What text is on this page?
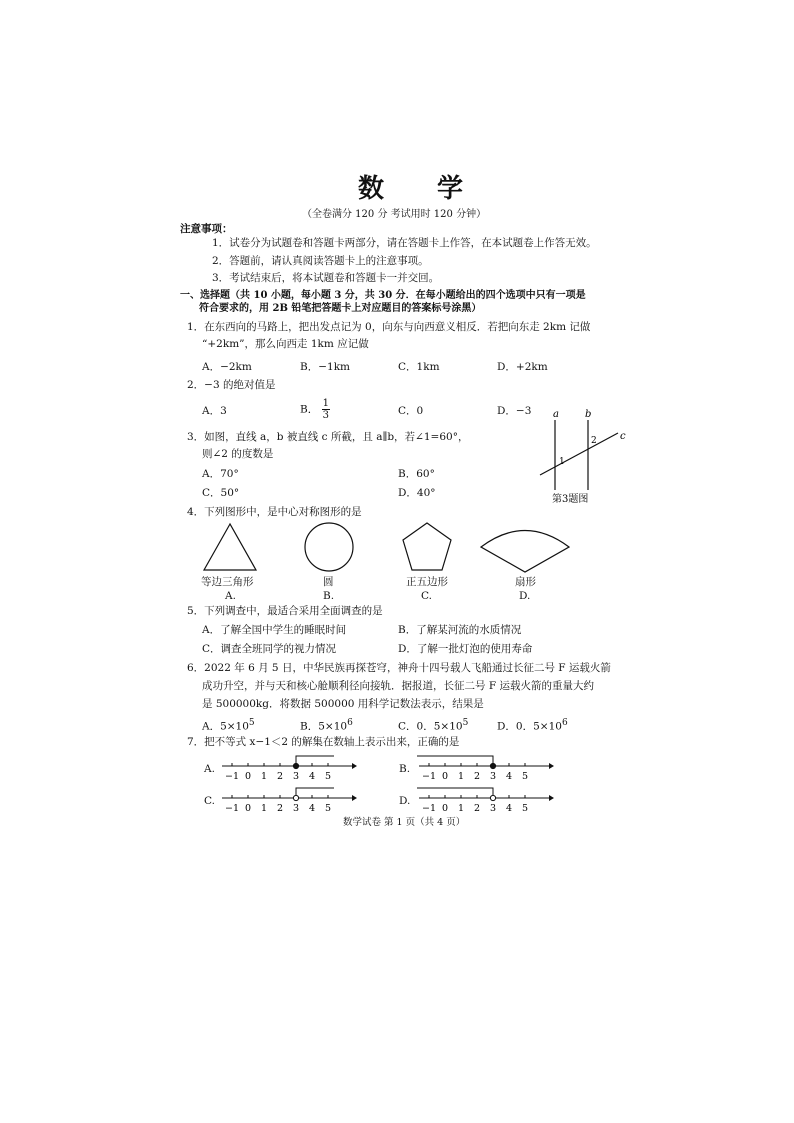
数 学
（全卷满分 120 分 考试用时 120 分钟）
注意事项：
1．试卷分为试题卷和答题卡两部分，请在答题卡上作答，在本试题卷上作答无效。
2．答题前，请认真阅读答题卡上的注意事项。
3．考试结束后，将本试题卷和答题卡一并交回。
一、选择题（共 10 小题，每小题 3 分，共 30 分．在每小题给出的四个选项中只有一项是
符合要求的，用 2B 铅笔把答题卡上对应题目的答案标号涂黑）
1．在东西向的马路上，把出发点记为 0，向东与向西意义相反．若把向东走 2km 记做
“+2km”，那么向西走 1km 应记做
A．−2km	B．−1km	C．1km	D．+2km
2．−3 的绝对值是
A．3	B． $\frac{1}{3}$	C．0	D．−3
3．如图，直线 a，b 被直线 c 所截，且 a∥b，若∠1=60°，
则∠2 的度数是
A．70°	B．60°
C．50°	D．40°
a	b
c
1
2
第3题图
4．下列图形中，是中心对称图形的是
等边三角形	圆	正五边形	扇形
A.	B.	C.	D.
5．下列调查中，最适合采用全面调查的是
A．了解全国中学生的睡眠时间	B．了解某河流的水质情况
C．调查全班同学的视力情况	D．了解一批灯泡的使用寿命
6．2022 年 6 月 5 日，中华民族再探苍穹，神舟十四号载人飞船通过长征二号 F 运载火箭
成功升空，并与天和核心舱顺利径向接轨．据报道，长征二号 F 运载火箭的重量大约
是 500000kg．将数据 500000 用科学记数法表示，结果是
A．$5\times 10^5$	B．$5\times 10^6$	C．0．$5\times 10^5$	D．0．$5\times 10^6$
7．把不等式 x−1＜2 的解集在数轴上表示出来，正确的是
A.	B.
C.	D.
−1 0 1 2 3 4 5	−1 0 1 2 3 4 5
−1 0 1 2 3 4 5	−1 0 1 2 3 4 5
数学试卷 第 1 页（共 4 页）
